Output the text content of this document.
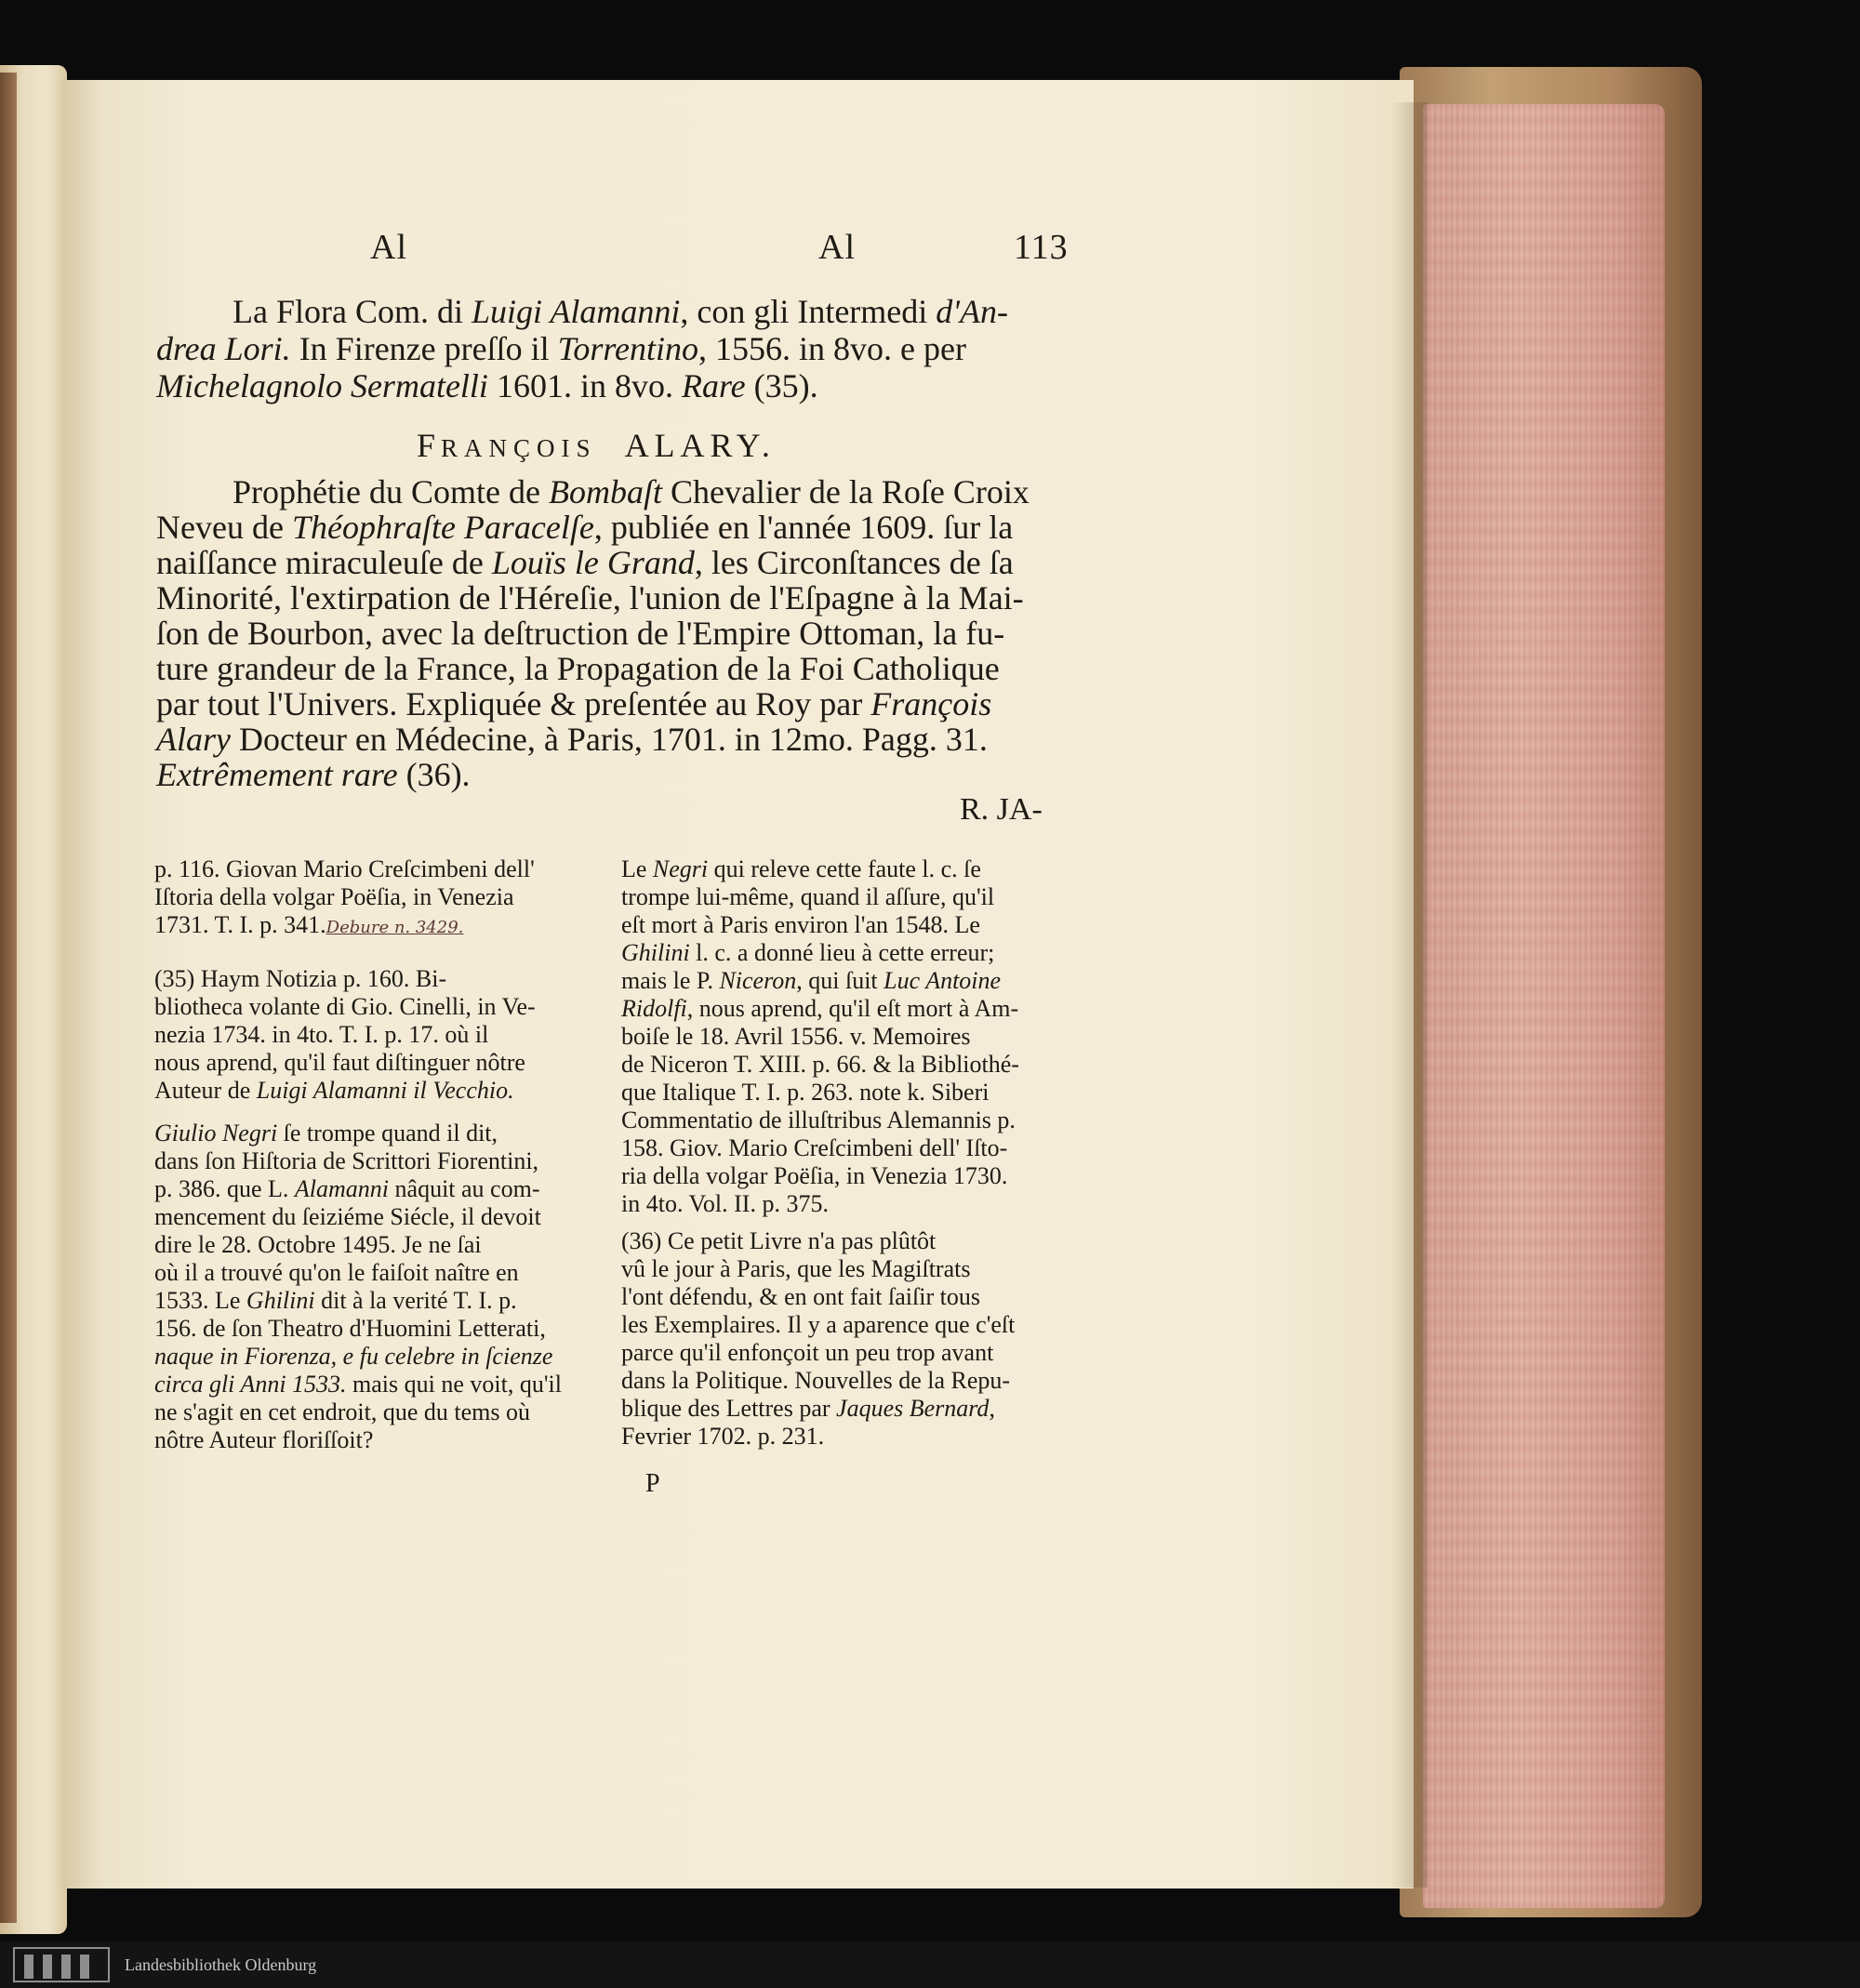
Al	Al	113
La Flora Com. di Luigi Alamanni, con gli Intermedi d'An-
drea Lori. In Firenze preſſo il Torrentino, 1556. in 8vo. e per
Michelagnolo Sermatelli 1601. in 8vo. Rare (35).
FRANÇOIS ALARY.
Prophétie du Comte de Bombaſt Chevalier de la Roſe Croix
Neveu de Théophraſte Paracelſe, publiée en l'année 1609. ſur la
naiſſance miraculeuſe de Louïs le Grand, les Circonſtances de ſa
Minorité, l'extirpation de l'Héreſie, l'union de l'Eſpagne à la Mai-
ſon de Bourbon, avec la deſtruction de l'Empire Ottoman, la fu-
ture grandeur de la France, la Propagation de la Foi Catholique
par tout l'Univers. Expliquée & preſentée au Roy par François
Alary Docteur en Médecine, à Paris, 1701. in 12mo. Pagg. 31.
Extrêmement rare (36).
R. JA-
p. 116. Giovan Mario Creſcimbeni dell'
Iſtoria della volgar Poëſia, in Venezia
1731. T. I. p. 341.Debure n. 3429.
(35) Haym Notizia p. 160. Bi-
bliotheca volante di Gio. Cinelli, in Ve-
nezia 1734. in 4to. T. I. p. 17. où il
nous aprend, qu'il faut diſtinguer nôtre
Auteur de Luigi Alamanni il Vecchio.
Giulio Negri ſe trompe quand il dit,
dans ſon Hiſtoria de Scrittori Fiorentini,
p. 386. que L. Alamanni nâquit au com-
mencement du ſeiziéme Siécle, il devoit
dire le 28. Octobre 1495. Je ne ſai
où il a trouvé qu'on le faiſoit naître en
1533. Le Ghilini dit à la verité T. I. p.
156. de ſon Theatro d'Huomini Letterati,
naque in Fiorenza, e fu celebre in ſcienze
circa gli Anni 1533. mais qui ne voit, qu'il
ne s'agit en cet endroit, que du tems où
nôtre Auteur floriſſoit?
Le Negri qui releve cette faute l. c. ſe
trompe lui-même, quand il aſſure, qu'il
eſt mort à Paris environ l'an 1548. Le
Ghilini l. c. a donné lieu à cette erreur;
mais le P. Niceron, qui ſuit Luc Antoine
Ridolfi, nous aprend, qu'il eſt mort à Am-
boiſe le 18. Avril 1556. v. Memoires
de Niceron T. XIII. p. 66. & la Bibliothé-
que Italique T. I. p. 263. note k. Siberi
Commentatio de illuſtribus Alemannis p.
158. Giov. Mario Creſcimbeni dell' Iſto-
ria della volgar Poëſia, in Venezia 1730.
in 4to. Vol. II. p. 375.
(36) Ce petit Livre n'a pas plûtôt
vû le jour à Paris, que les Magiſtrats
l'ont défendu, & en ont fait ſaiſir tous
les Exemplaires. Il y a aparence que c'eſt
parce qu'il enfonçoit un peu trop avant
dans la Politique. Nouvelles de la Repu-
blique des Lettres par Jaques Bernard,
Fevrier 1702. p. 231.
P
Landesbibliothek Oldenburg
